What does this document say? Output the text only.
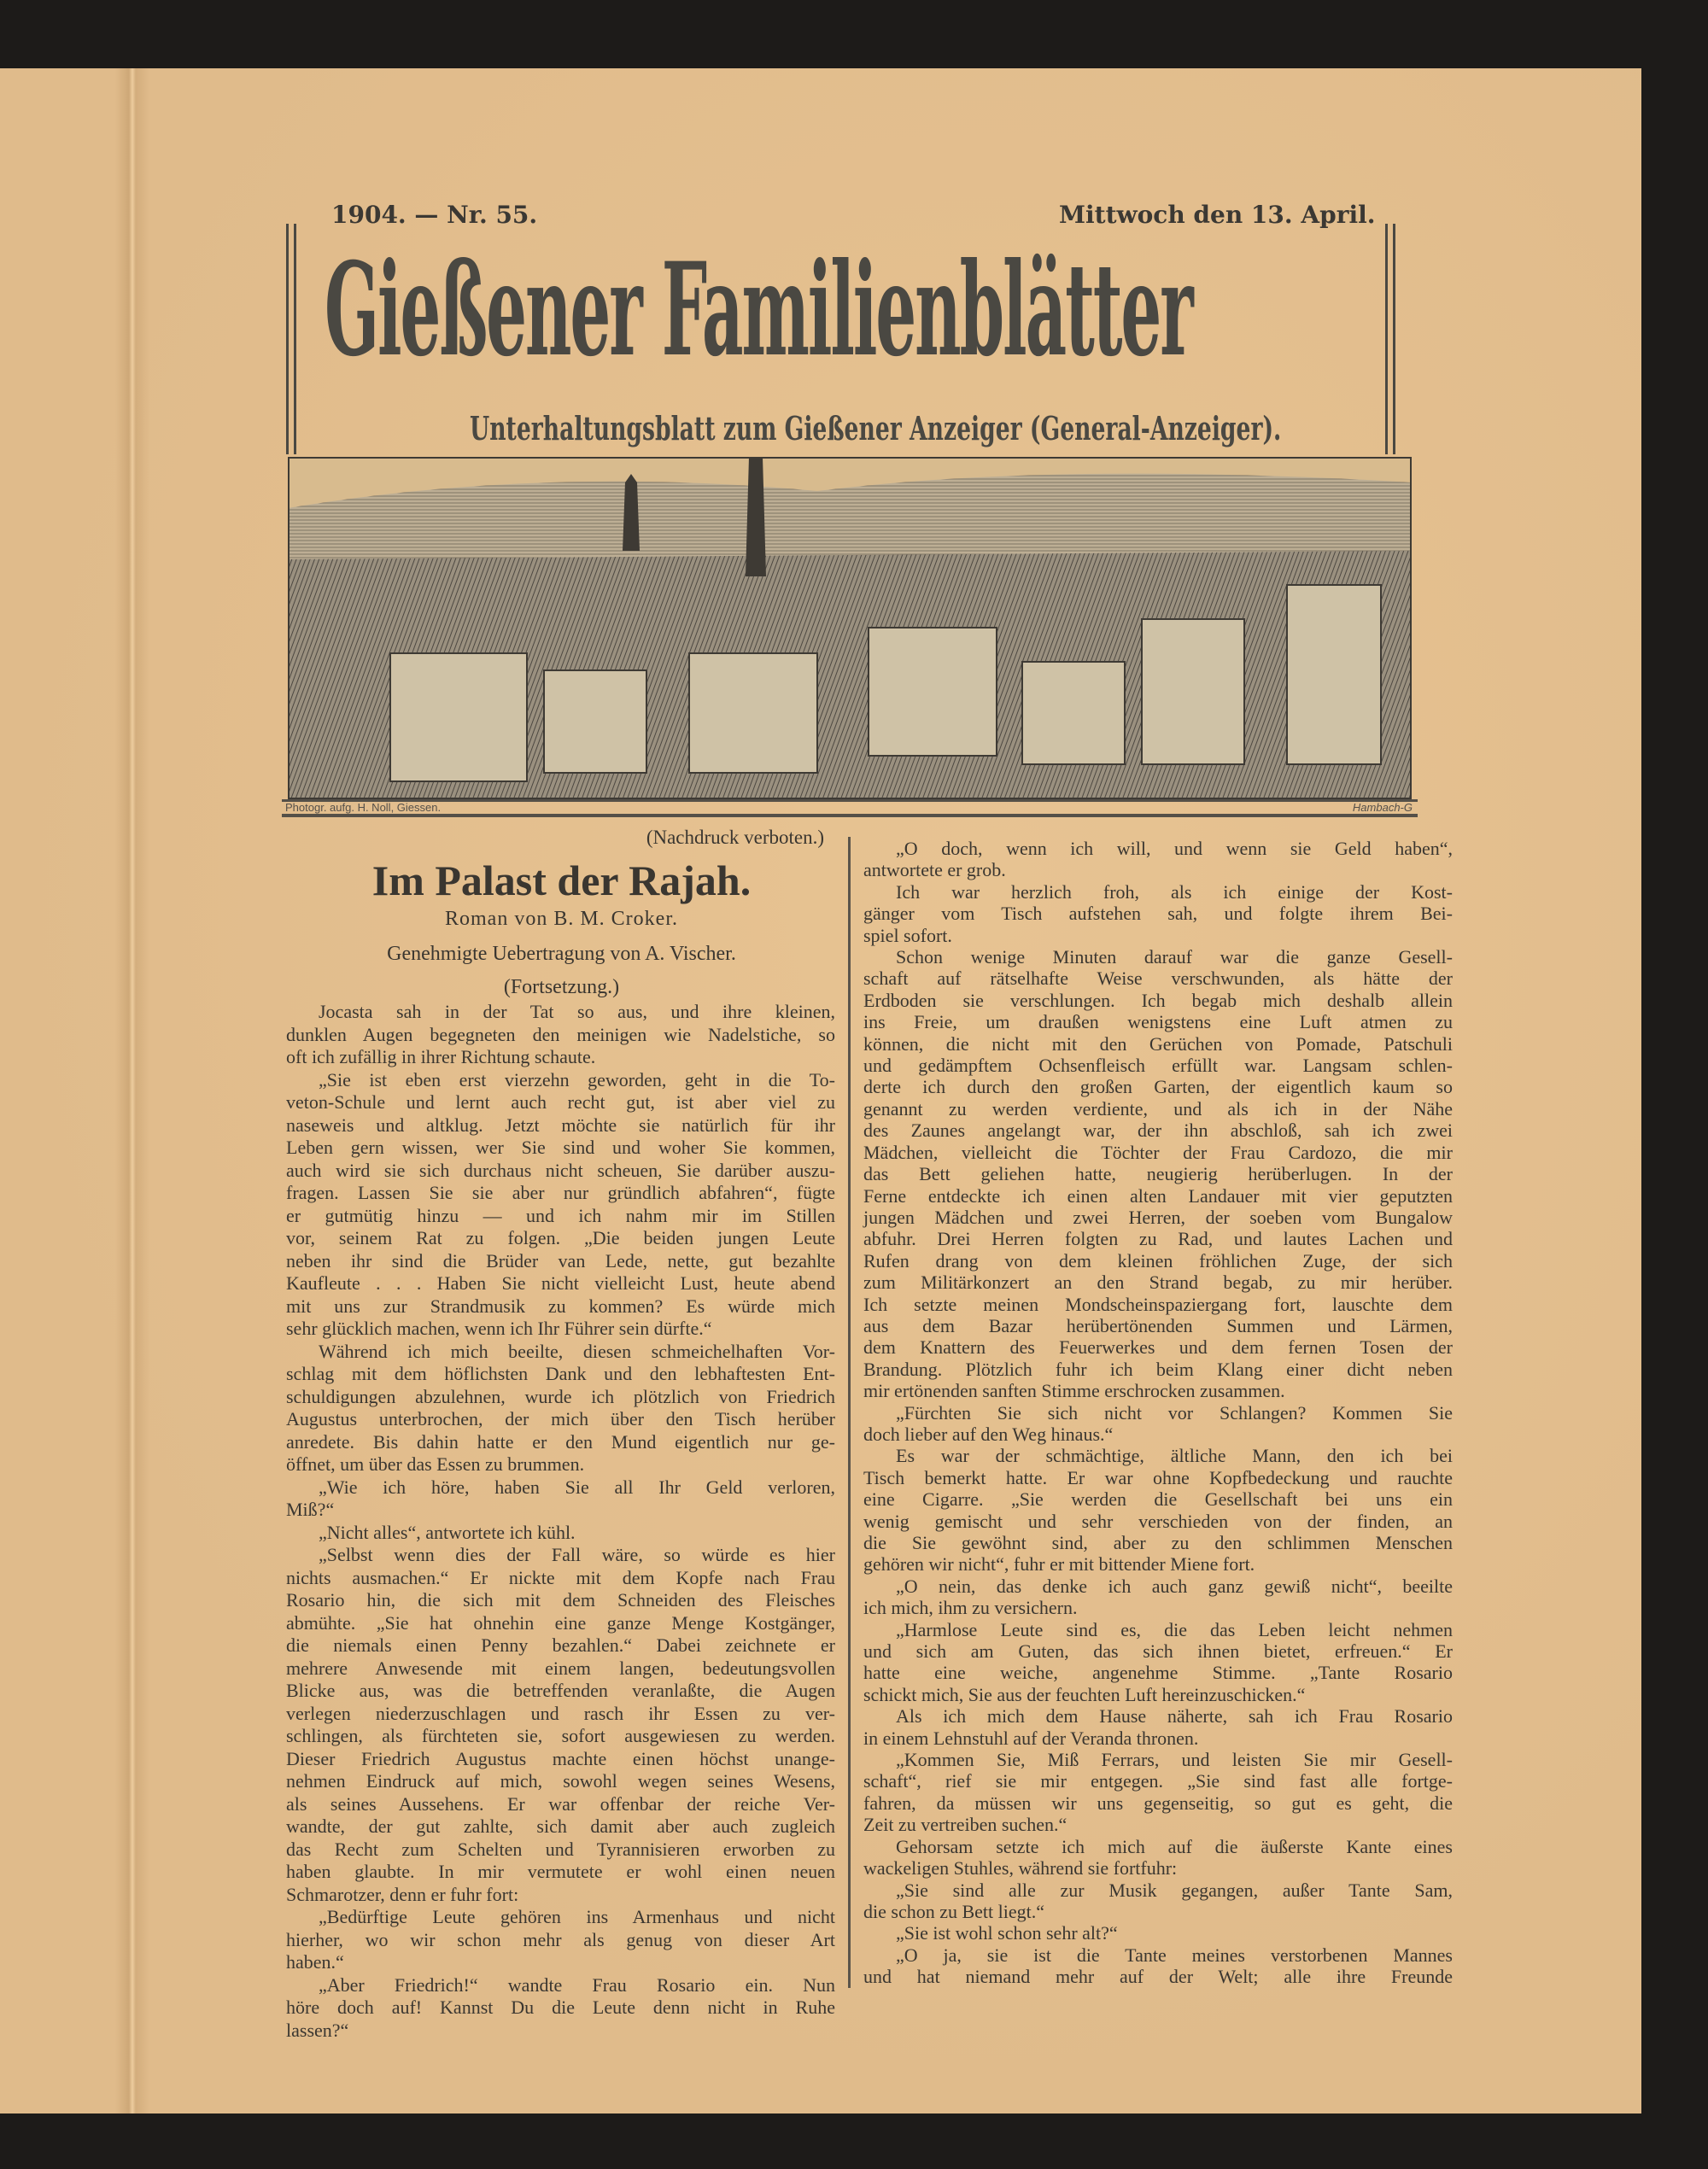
1904. — Nr. 55.	Mittwoch den 13. April.
Gießener Familienblätter
Unterhaltungsblatt zum Gießener Anzeiger (General-Anzeiger).
Photogr. aufg. H. Noll, Giessen.	Hambach-G
(Nachdruck verboten.)
Im Palast der Rajah.
Roman von B. M. Croker.
Genehmigte Uebertragung von A. Vischer.
(Fortsetzung.)
Jocasta sah in der Tat so aus, und ihre kleinen,
dunklen Augen begegneten den meinigen wie Nadelstiche, so
oft ich zufällig in ihrer Richtung schaute.
„Sie ist eben erst vierzehn geworden, geht in die To-
veton-Schule und lernt auch recht gut, ist aber viel zu
naseweis und altklug. Jetzt möchte sie natürlich für ihr
Leben gern wissen, wer Sie sind und woher Sie kommen,
auch wird sie sich durchaus nicht scheuen, Sie darüber auszu-
fragen. Lassen Sie sie aber nur gründlich abfahren“, fügte
er gutmütig hinzu — und ich nahm mir im Stillen
vor, seinem Rat zu folgen. „Die beiden jungen Leute
neben ihr sind die Brüder van Lede, nette, gut bezahlte
Kaufleute . . . Haben Sie nicht vielleicht Lust, heute abend
mit uns zur Strandmusik zu kommen? Es würde mich
sehr glücklich machen, wenn ich Ihr Führer sein dürfte.“
Während ich mich beeilte, diesen schmeichelhaften Vor-
schlag mit dem höflichsten Dank und den lebhaftesten Ent-
schuldigungen abzulehnen, wurde ich plötzlich von Friedrich
Augustus unterbrochen, der mich über den Tisch herüber
anredete. Bis dahin hatte er den Mund eigentlich nur ge-
öffnet, um über das Essen zu brummen.
„Wie ich höre, haben Sie all Ihr Geld verloren,
Miß?“
„Nicht alles“, antwortete ich kühl.
„Selbst wenn dies der Fall wäre, so würde es hier
nichts ausmachen.“ Er nickte mit dem Kopfe nach Frau
Rosario hin, die sich mit dem Schneiden des Fleisches
abmühte. „Sie hat ohnehin eine ganze Menge Kostgänger,
die niemals einen Penny bezahlen.“ Dabei zeichnete er
mehrere Anwesende mit einem langen, bedeutungsvollen
Blicke aus, was die betreffenden veranlaßte, die Augen
verlegen niederzuschlagen und rasch ihr Essen zu ver-
schlingen, als fürchteten sie, sofort ausgewiesen zu werden.
Dieser Friedrich Augustus machte einen höchst unange-
nehmen Eindruck auf mich, sowohl wegen seines Wesens,
als seines Aussehens. Er war offenbar der reiche Ver-
wandte, der gut zahlte, sich damit aber auch zugleich
das Recht zum Schelten und Tyrannisieren erworben zu
haben glaubte. In mir vermutete er wohl einen neuen
Schmarotzer, denn er fuhr fort:
„Bedürftige Leute gehören ins Armenhaus und nicht
hierher, wo wir schon mehr als genug von dieser Art
haben.“
„Aber Friedrich!“ wandte Frau Rosario ein. Nun
höre doch auf! Kannst Du die Leute denn nicht in Ruhe
lassen?“
„O doch, wenn ich will, und wenn sie Geld haben“,
antwortete er grob.
Ich war herzlich froh, als ich einige der Kost-
gänger vom Tisch aufstehen sah, und folgte ihrem Bei-
spiel sofort.
Schon wenige Minuten darauf war die ganze Gesell-
schaft auf rätselhafte Weise verschwunden, als hätte der
Erdboden sie verschlungen. Ich begab mich deshalb allein
ins Freie, um draußen wenigstens eine Luft atmen zu
können, die nicht mit den Gerüchen von Pomade, Patschuli
und gedämpftem Ochsenfleisch erfüllt war. Langsam schlen-
derte ich durch den großen Garten, der eigentlich kaum so
genannt zu werden verdiente, und als ich in der Nähe
des Zaunes angelangt war, der ihn abschloß, sah ich zwei
Mädchen, vielleicht die Töchter der Frau Cardozo, die mir
das Bett geliehen hatte, neugierig herüberlugen. In der
Ferne entdeckte ich einen alten Landauer mit vier geputzten
jungen Mädchen und zwei Herren, der soeben vom Bungalow
abfuhr. Drei Herren folgten zu Rad, und lautes Lachen und
Rufen drang von dem kleinen fröhlichen Zuge, der sich
zum Militärkonzert an den Strand begab, zu mir herüber.
Ich setzte meinen Mondscheinspaziergang fort, lauschte dem
aus dem Bazar herübertönenden Summen und Lärmen,
dem Knattern des Feuerwerkes und dem fernen Tosen der
Brandung. Plötzlich fuhr ich beim Klang einer dicht neben
mir ertönenden sanften Stimme erschrocken zusammen.
„Fürchten Sie sich nicht vor Schlangen? Kommen Sie
doch lieber auf den Weg hinaus.“
Es war der schmächtige, ältliche Mann, den ich bei
Tisch bemerkt hatte. Er war ohne Kopfbedeckung und rauchte
eine Cigarre. „Sie werden die Gesellschaft bei uns ein
wenig gemischt und sehr verschieden von der finden, an
die Sie gewöhnt sind, aber zu den schlimmen Menschen
gehören wir nicht“, fuhr er mit bittender Miene fort.
„O nein, das denke ich auch ganz gewiß nicht“, beeilte
ich mich, ihm zu versichern.
„Harmlose Leute sind es, die das Leben leicht nehmen
und sich am Guten, das sich ihnen bietet, erfreuen.“ Er
hatte eine weiche, angenehme Stimme. „Tante Rosario
schickt mich, Sie aus der feuchten Luft hereinzuschicken.“
Als ich mich dem Hause näherte, sah ich Frau Rosario
in einem Lehnstuhl auf der Veranda thronen.
„Kommen Sie, Miß Ferrars, und leisten Sie mir Gesell-
schaft“, rief sie mir entgegen. „Sie sind fast alle fortge-
fahren, da müssen wir uns gegenseitig, so gut es geht, die
Zeit zu vertreiben suchen.“
Gehorsam setzte ich mich auf die äußerste Kante eines
wackeligen Stuhles, während sie fortfuhr:
„Sie sind alle zur Musik gegangen, außer Tante Sam,
die schon zu Bett liegt.“
„Sie ist wohl schon sehr alt?“
„O ja, sie ist die Tante meines verstorbenen Mannes
und hat niemand mehr auf der Welt; alle ihre Freunde
